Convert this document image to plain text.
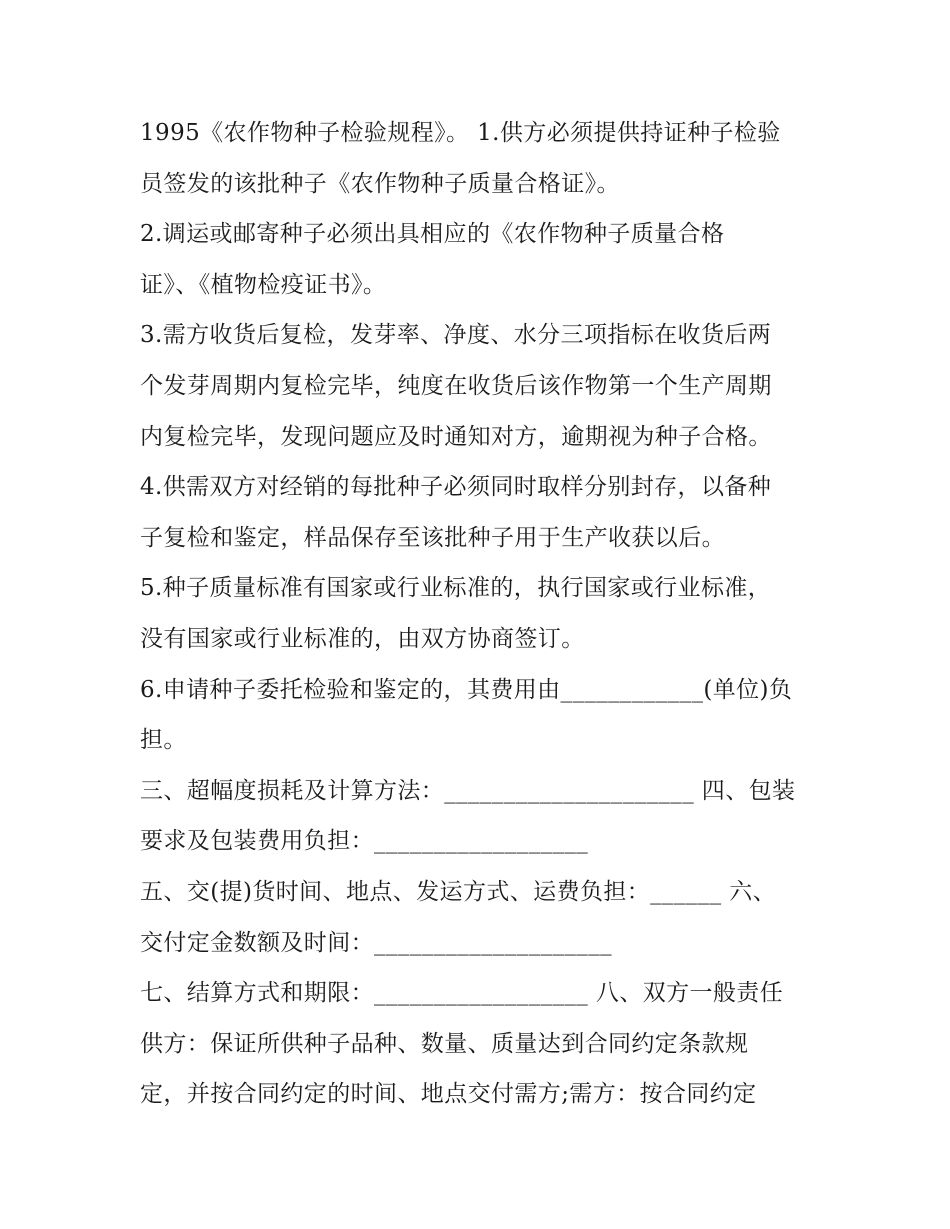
1995《农作物种子检验规程》。 1.供方必须提供持证种子检验
员签发的该批种子《农作物种子质量合格证》。
2.调运或邮寄种子必须出具相应的《农作物种子质量合格
证》、《植物检疫证书》。
3.需方收货后复检，发芽率、净度、水分三项指标在收货后两
个发芽周期内复检完毕，纯度在收货后该作物第一个生产周期
内复检完毕，发现问题应及时通知对方，逾期视为种子合格。
4.供需双方对经销的每批种子必须同时取样分别封存，以备种
子复检和鉴定，样品保存至该批种子用于生产收获以后。
5.种子质量标准有国家或行业标准的，执行国家或行业标准，
没有国家或行业标准的，由双方协商签订。
6.申请种子委托检验和鉴定的，其费用由____________(单位)负
担。
三、超幅度损耗及计算方法：_____________________ 四、包装
要求及包装费用负担：__________________
五、交(提)货时间、地点、发运方式、运费负担：______ 六、
交付定金数额及时间：____________________
七、结算方式和期限：__________________ 八、双方一般责任
供方：保证所供种子品种、数量、质量达到合同约定条款规
定，并按合同约定的时间、地点交付需方;需方：按合同约定
